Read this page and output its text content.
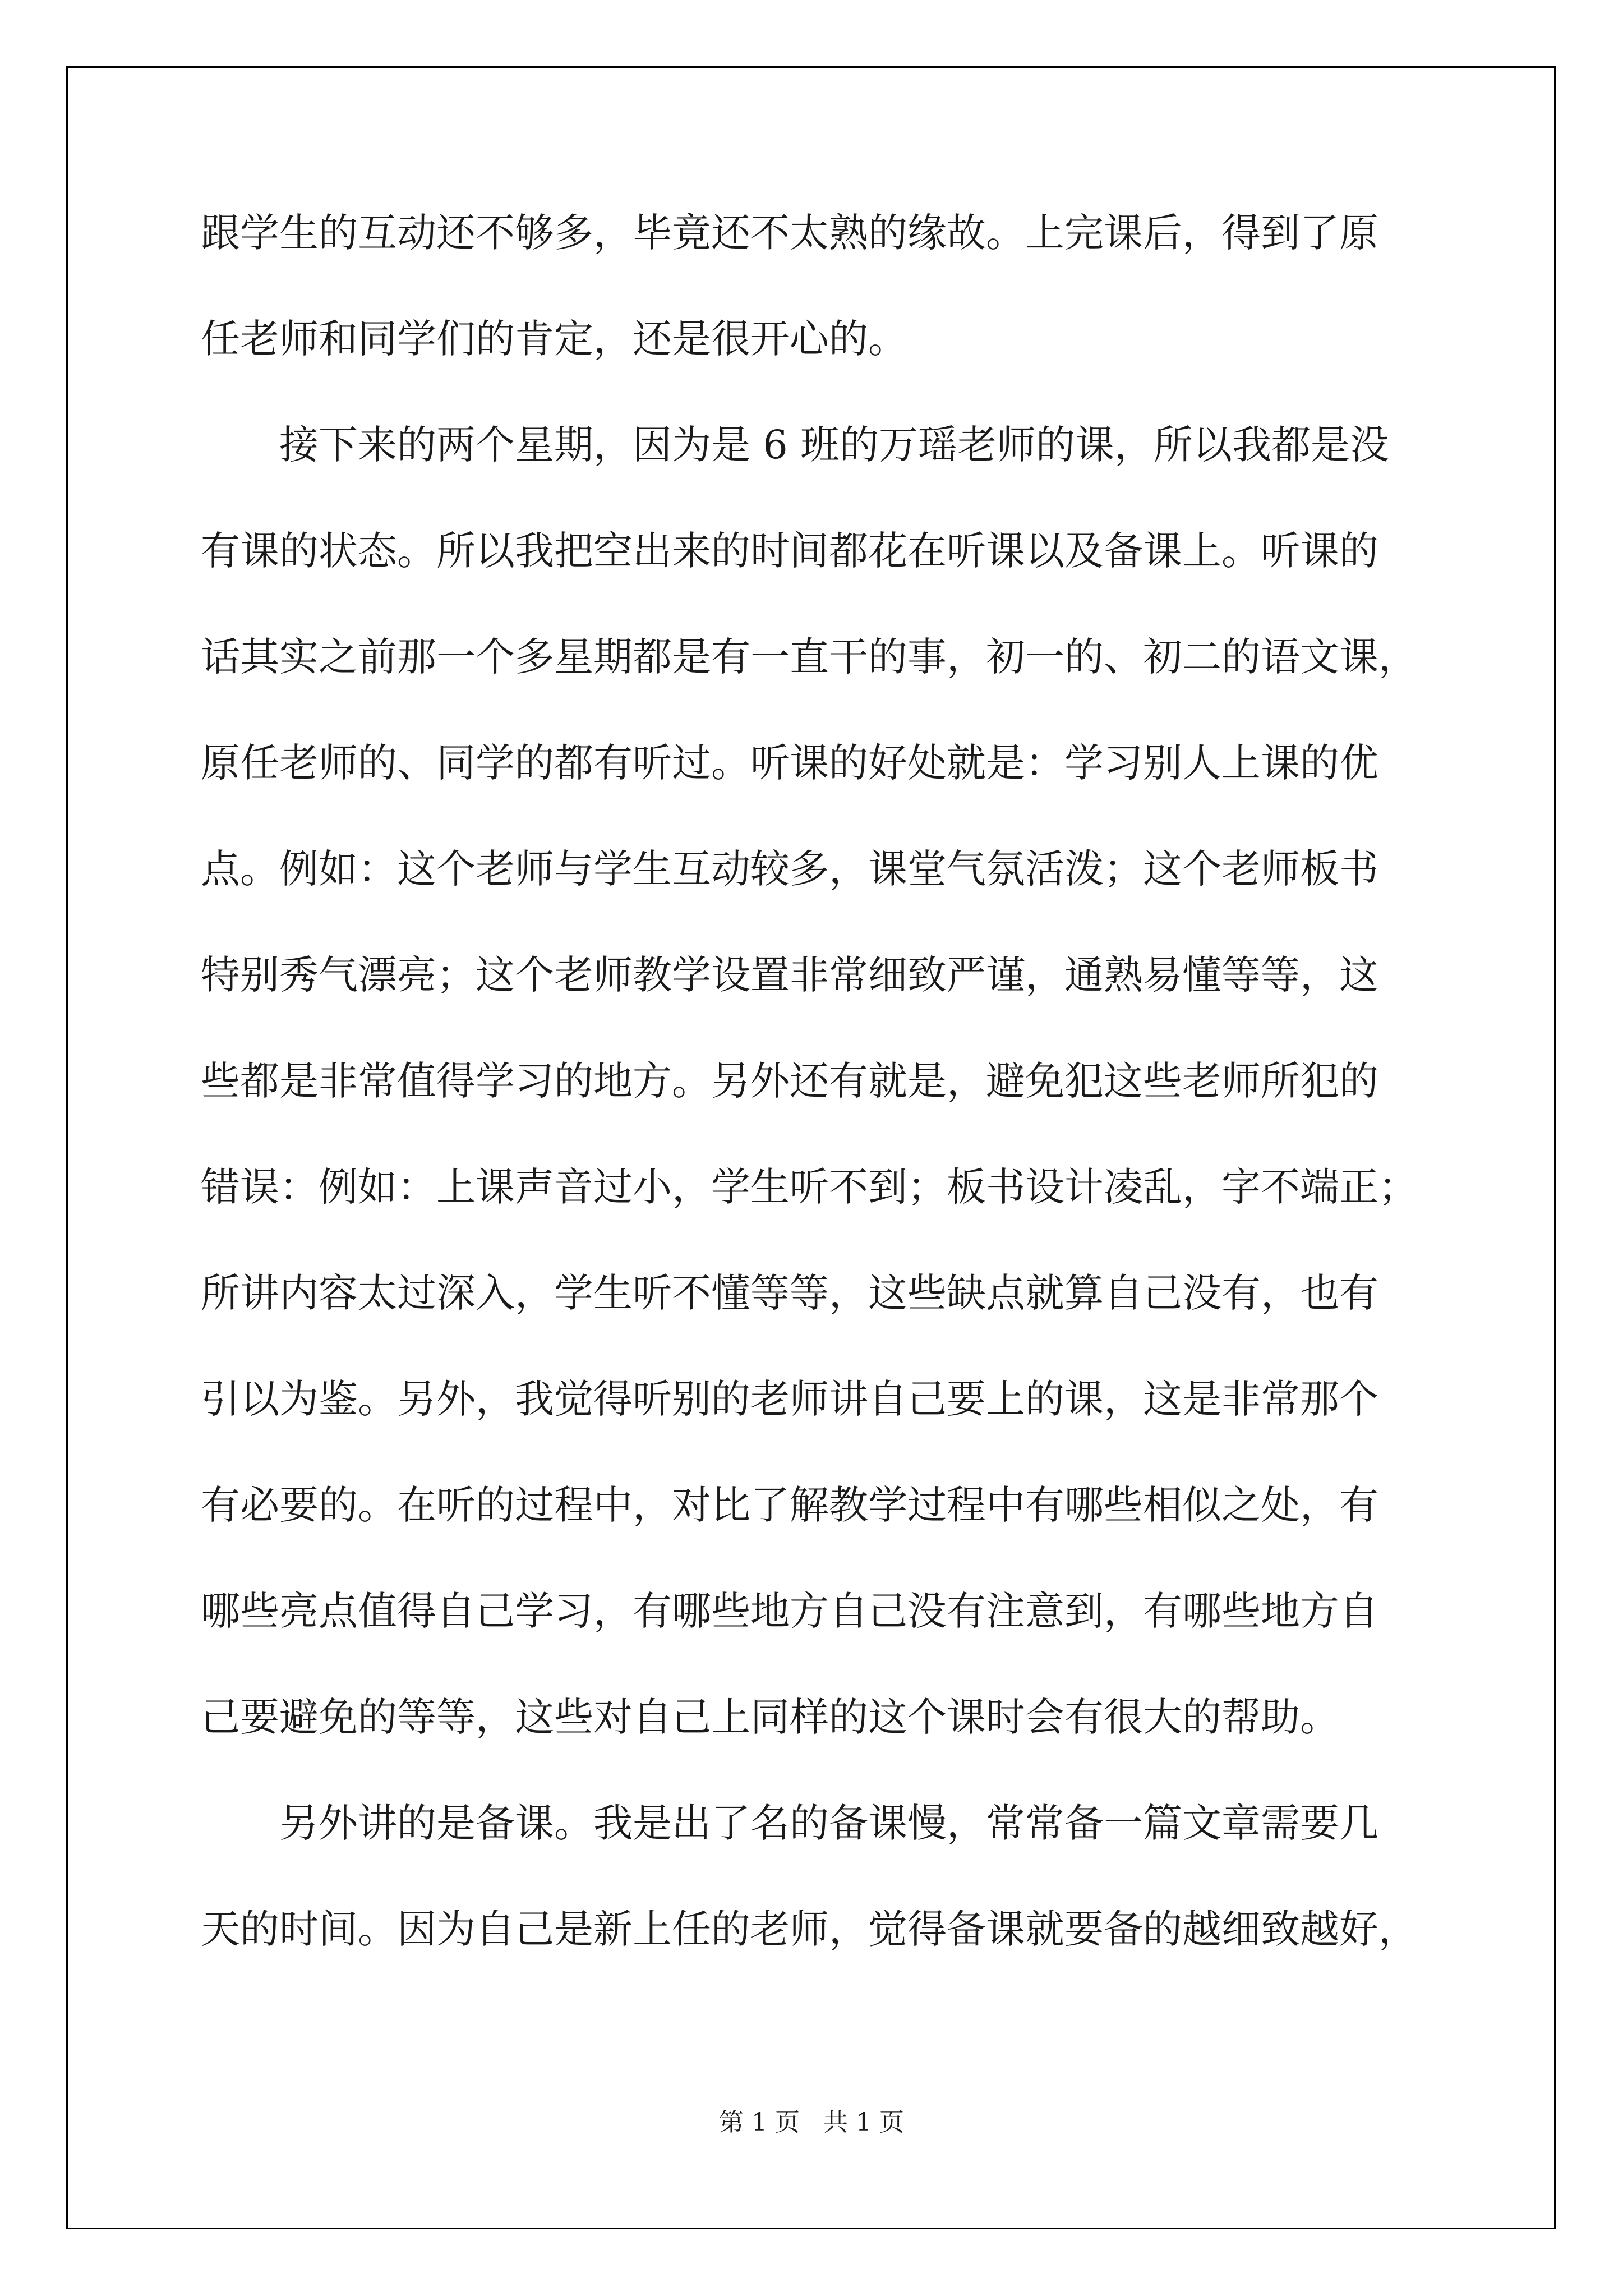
跟学生的互动还不够多，毕竟还不太熟的缘故。上完课后，得到了原
任老师和同学们的肯定，还是很开心的。
接下来的两个星期，因为是 6 班的万瑶老师的课，所以我都是没
有课的状态。所以我把空出来的时间都花在听课以及备课上。听课的
话其实之前那一个多星期都是有一直干的事，初一的、初二的语文课，
原任老师的、同学的都有听过。听课的好处就是：学习别人上课的优
点。例如：这个老师与学生互动较多，课堂气氛活泼；这个老师板书
特别秀气漂亮；这个老师教学设置非常细致严谨，通熟易懂等等，这
些都是非常值得学习的地方。另外还有就是，避免犯这些老师所犯的
错误：例如：上课声音过小，学生听不到；板书设计凌乱，字不端正；
所讲内容太过深入，学生听不懂等等，这些缺点就算自己没有，也有
引以为鉴。另外，我觉得听别的老师讲自己要上的课，这是非常那个
有必要的。在听的过程中，对比了解教学过程中有哪些相似之处，有
哪些亮点值得自己学习，有哪些地方自己没有注意到，有哪些地方自
己要避免的等等，这些对自己上同样的这个课时会有很大的帮助。
另外讲的是备课。我是出了名的备课慢，常常备一篇文章需要几
天的时间。因为自己是新上任的老师，觉得备课就要备的越细致越好，
第 1 页   共 1 页
